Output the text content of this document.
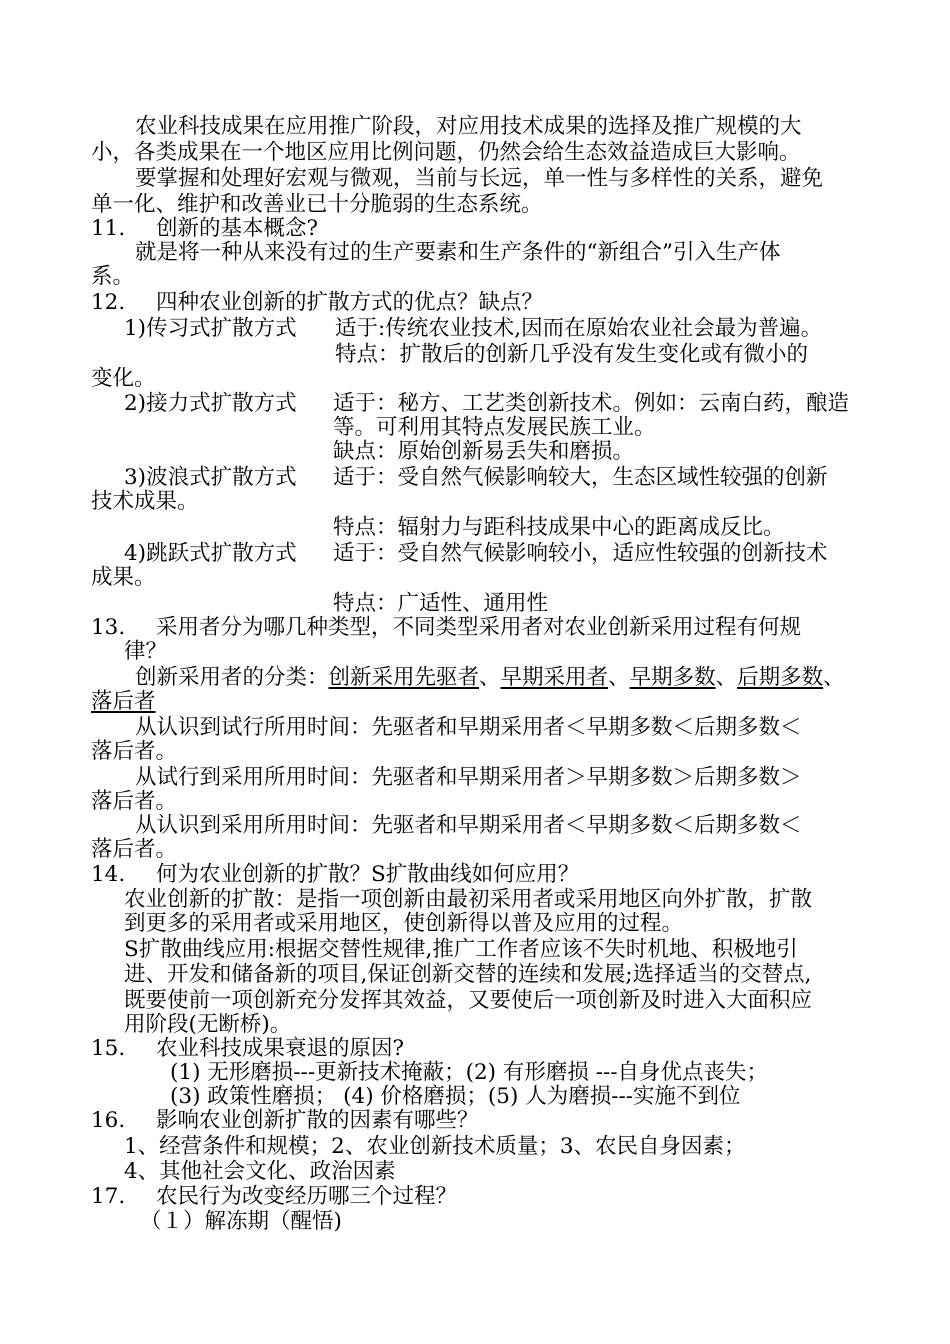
农业科技成果在应用推广阶段，对应用技术成果的选择及推广规模的大

小，各类成果在一个地区应用比例问题，仍然会给生态效益造成巨大影响。

要掌握和处理好宏观与微观，当前与长远，单一性与多样性的关系，避免

单一化、维护和改善业已十分脆弱的生态系统。

11. 创新的基本概念?

就是将一种从来没有过的生产要素和生产条件的“新组合”引入生产体

系。

12. 四种农业创新的扩散方式的优点？缺点？

1)传习式扩散方式 适于:传统农业技术,因而在原始农业社会最为普遍。

特点：扩散后的创新几乎没有发生变化或有微小的

变化。

2)接力式扩散方式 适于：秘方、工艺类创新技术。例如：云南白药，酿造

等。可利用其特点发展民族工业。

缺点：原始创新易丢失和磨损。

3)波浪式扩散方式 适于：受自然气候影响较大，生态区域性较强的创新

技术成果。

特点：辐射力与距科技成果中心的距离成反比。

4)跳跃式扩散方式 适于：受自然气候影响较小，适应性较强的创新技术

成果。

特点：广适性、通用性

13. 采用者分为哪几种类型，不同类型采用者对农业创新采用过程有何规

律？

创新采用者的分类：创新采用先驱者、早期采用者、早期多数、后期多数、

落后者

从认识到试行所用时间：先驱者和早期采用者＜早期多数＜后期多数＜

落后者。

从试行到采用所用时间：先驱者和早期采用者＞早期多数＞后期多数＞

落后者。

从认识到采用所用时间：先驱者和早期采用者＜早期多数＜后期多数＜

落后者。

14. 何为农业创新的扩散？S扩散曲线如何应用？

农业创新的扩散：是指一项创新由最初采用者或采用地区向外扩散，扩散

到更多的采用者或采用地区，使创新得以普及应用的过程。

S扩散曲线应用:根据交替性规律,推广工作者应该不失时机地、积极地引

进、开发和储备新的项目,保证创新交替的连续和发展;选择适当的交替点,

既要使前一项创新充分发挥其效益，又要使后一项创新及时进入大面积应

用阶段(无断桥)。

15. 农业科技成果衰退的原因?

(1) 无形磨损---更新技术掩蔽；(2) 有形磨损 ---自身优点丧失；

(3) 政策性磨损； (4) 价格磨损；(5) 人为磨损---实施不到位

16. 影响农业创新扩散的因素有哪些？

1、经营条件和规模；2、农业创新技术质量；3、农民自身因素；

4、其他社会文化、政治因素

17. 农民行为改变经历哪三个过程？

（１）解冻期（醒悟)
